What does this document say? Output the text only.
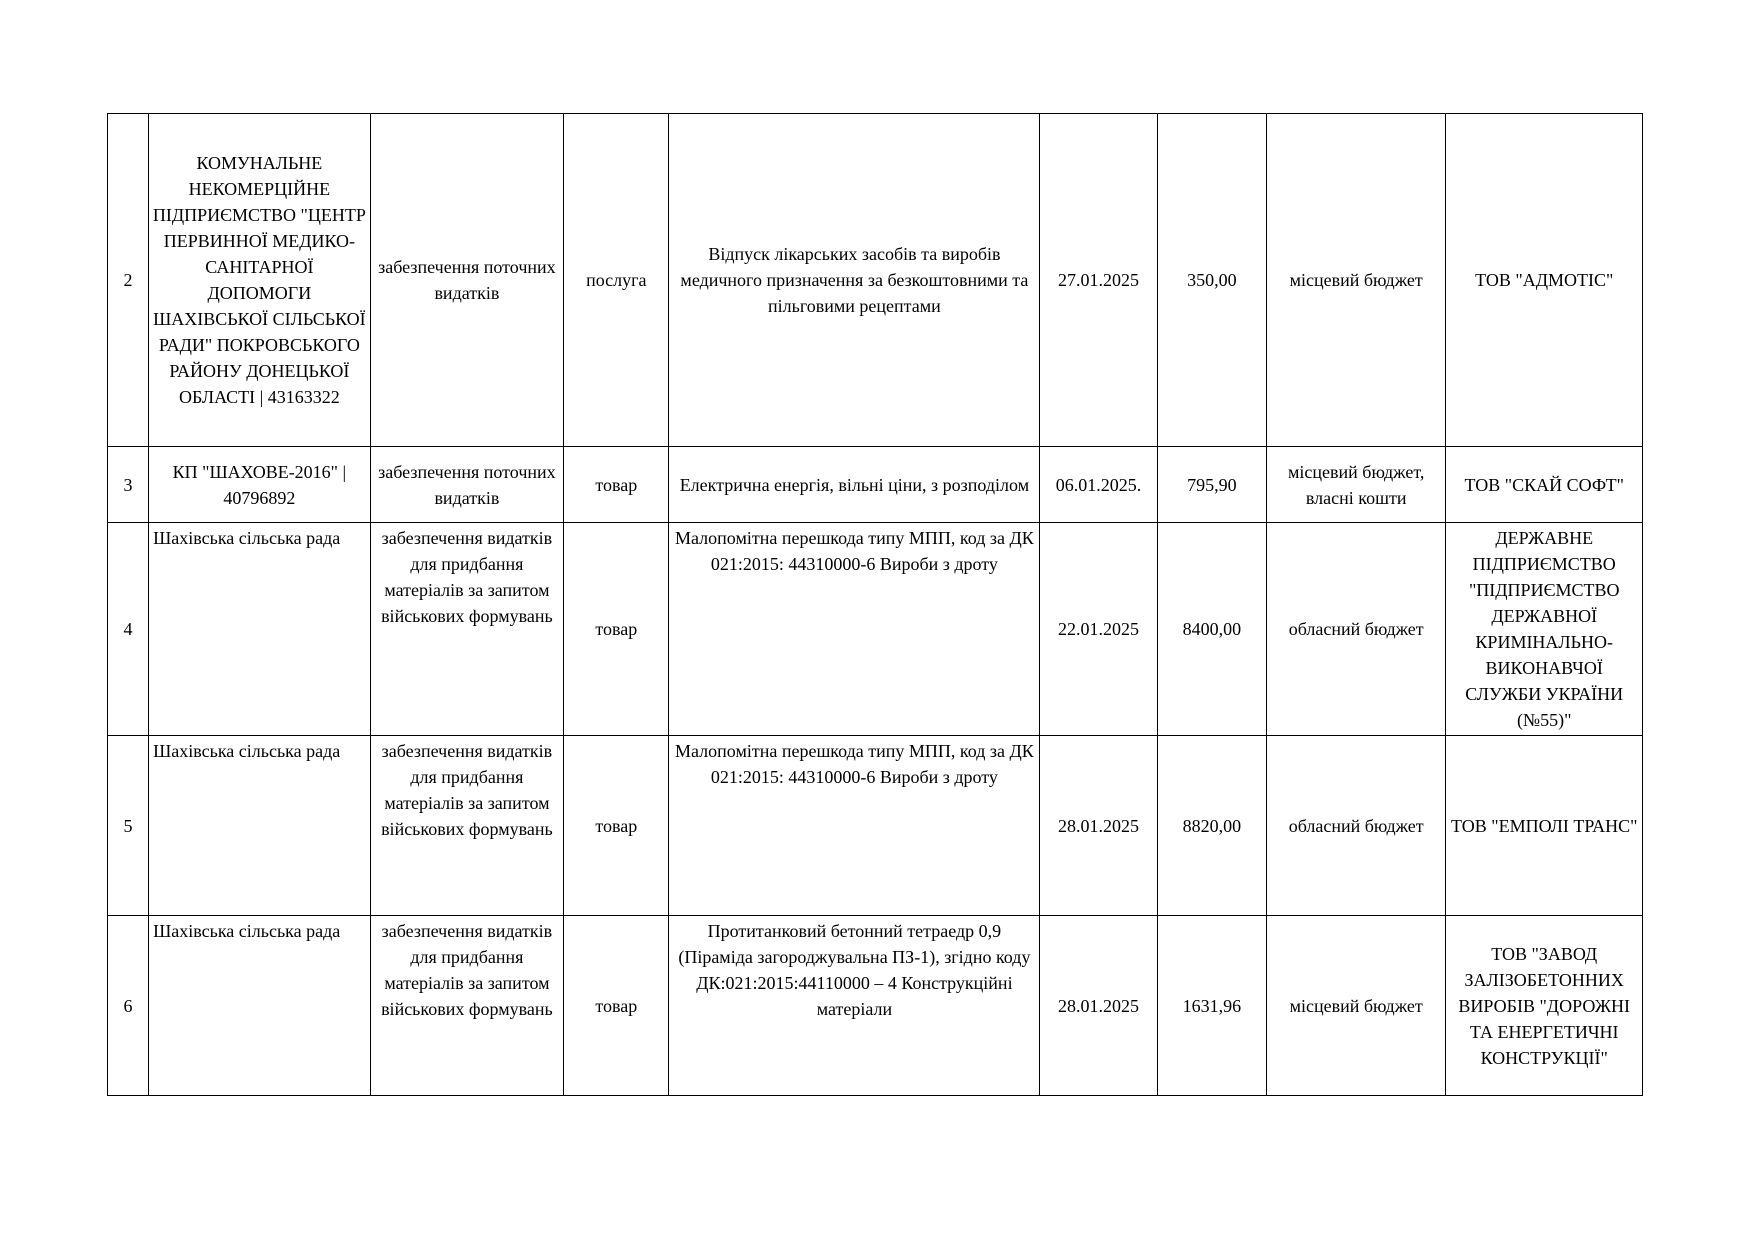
2	КОМУНАЛЬНЕ НЕКОМЕРЦІЙНЕ ПІДПРИЄМСТВО "ЦЕНТР ПЕРВИННОЇ МЕДИКО-САНІТАРНОЇ ДОПОМОГИ ШАХІВСЬКОЇ СІЛЬСЬКОЇ РАДИ" ПОКРОВСЬКОГО РАЙОНУ ДОНЕЦЬКОЇ ОБЛАСТІ | 43163322	забезпечення поточних видатків	послуга	Відпуск лікарських засобів та виробів медичного призначення за безкоштовними та пільговими рецептами	27.01.2025	350,00	місцевий бюджет	ТОВ "АДМОТІС"
3	КП "ШАХОВЕ-2016" | 40796892	забезпечення поточних видатків	товар	Електрична енергія, вільні ціни, з розподілом	06.01.2025.	795,90	місцевий бюджет, власні кошти	ТОВ "СКАЙ СОФТ"
4	Шахівська сільська рада	забезпечення видатків для придбання матеріалів за запитом військових формувань	товар	Малопомітна перешкода типу МПП, код за ДК 021:2015: 44310000-6 Вироби з дроту	22.01.2025	8400,00	обласний бюджет	ДЕРЖАВНЕ ПІДПРИЄМСТВО "ПІДПРИЄМСТВО ДЕРЖАВНОЇ КРИМІНАЛЬНО-ВИКОНАВЧОЇ СЛУЖБИ УКРАЇНИ (№55)"
5	Шахівська сільська рада	забезпечення видатків для придбання матеріалів за запитом військових формувань	товар	Малопомітна перешкода типу МПП, код за ДК 021:2015: 44310000-6 Вироби з дроту	28.01.2025	8820,00	обласний бюджет	ТОВ "ЕМПОЛІ ТРАНС"
6	Шахівська сільська рада	забезпечення видатків для придбання матеріалів за запитом військових формувань	товар	Протитанковий бетонний тетраедр 0,9 (Піраміда загороджувальна ПЗ-1), згідно коду ДК:021:2015:44110000 – 4 Конструкційні матеріали	28.01.2025	1631,96	місцевий бюджет	ТОВ "ЗАВОД ЗАЛІЗОБЕТОННИХ ВИРОБІВ "ДОРОЖНІ ТА ЕНЕРГЕТИЧНІ КОНСТРУКЦІЇ"
